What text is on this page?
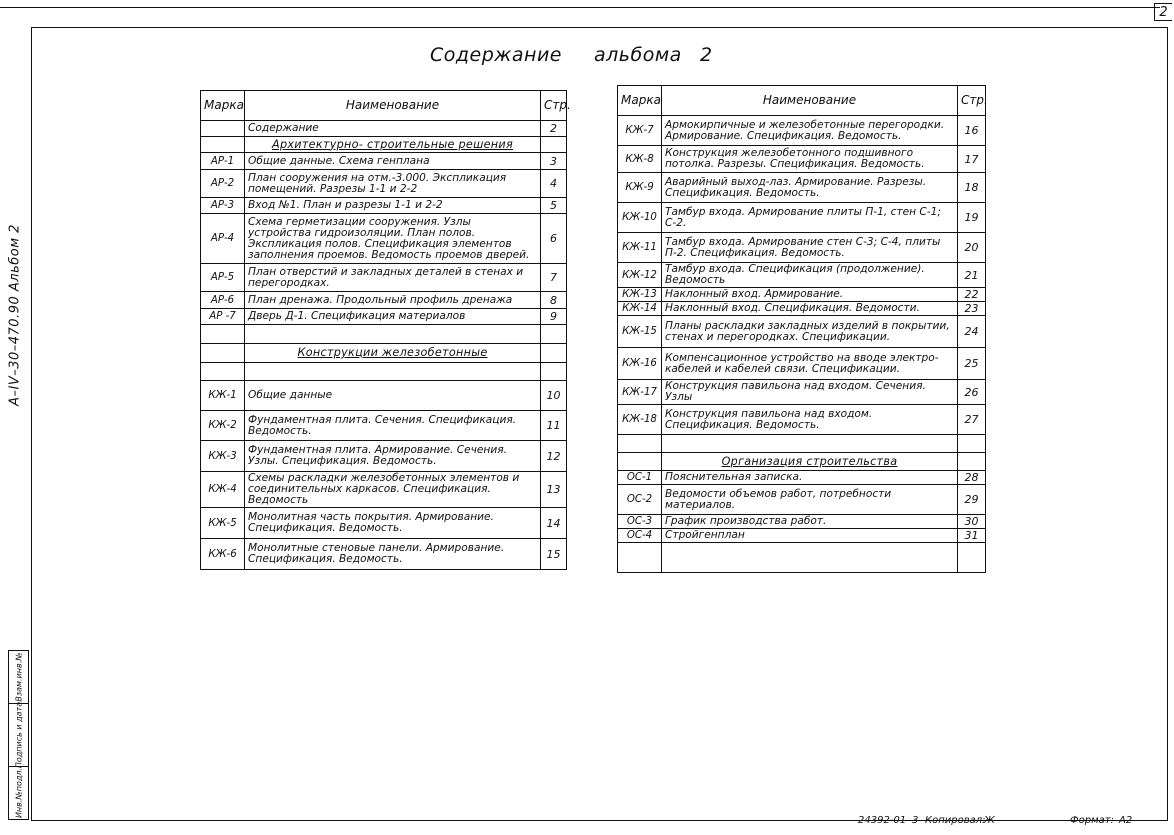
2
Содержание альбома 2
А–IV–30–470.90 Альбом 2
Взам.инв.№
Подпись и дата
Инв.№подл.
Марка	Наименование	Стр.
	Содержание	2
	Архитектурно- строительные решения	
АР-1	Общие данные. Схема генплана	3
АР-2	План сооружения на отм.-3.000. Экспликация помещений. Разрезы 1-1 и 2-2	4
АР-3	Вход №1. План и разрезы 1-1 и 2-2	5
АР-4	Схема герметизации сооружения. Узлы устройства гидроизоляции. План полов. Экспликация полов. Спецификация элементов заполнения проемов. Ведомость проемов дверей.	6
АР-5	План отверстий и закладных деталей в стенах и перегородках.	7
АР-6	План дренажа. Продольный профиль дренажа	8
АР -7	Дверь Д-1. Спецификация материалов	9

	Конструкции железобетонные	

КЖ-1	Общие данные	10
КЖ-2	Фундаментная плита. Сечения. Спецификация. Ведомость.	11
КЖ-3	Фундаментная плита. Армирование. Сечения. Узлы. Спецификация. Ведомость.	12
КЖ-4	Схемы раскладки железобетонных элементов и соединительных каркасов. Спецификация. Ведомость	13
КЖ-5	Монолитная часть покрытия. Армирование. Спецификация. Ведомость.	14
КЖ-6	Монолитные стеновые панели. Армирование. Спецификация. Ведомость.	15
Марка	Наименование	Стр.
КЖ-7	Армокирпичные и железобетонные перегородки. Армирование. Спецификация. Ведомость.	16
КЖ-8	Конструкция железобетонного подшивного потолка. Разрезы. Спецификация. Ведомость.	17
КЖ-9	Аварийный выход-лаз. Армирование. Разрезы. Спецификация. Ведомость.	18
КЖ-10	Тамбур входа. Армирование плиты П-1, стен С-1; С-2.	19
КЖ-11	Тамбур входа. Армирование стен С-3; С-4, плиты П-2. Спецификация. Ведомость.	20
КЖ-12	Тамбур входа. Спецификация (продолжение). Ведомость	21
КЖ-13	Наклонный вход. Армирование.	22
КЖ-14	Наклонный вход. Спецификация. Ведомости.	23
КЖ-15	Планы раскладки закладных изделий в покрытии, стенах и перегородках. Спецификации.	24
КЖ-16	Компенсационное устройство на вводе электро-кабелей и кабелей связи. Спецификации.	25
КЖ-17	Конструкция павильона над входом. Сечения. Узлы	26
КЖ-18	Конструкция павильона над входом. Спецификация. Ведомость.	27

	Организация строительства	
ОС-1	Пояснительная записка.	28
ОС-2	Ведомости объемов работ, потребности материалов.	29
ОС-3	График производства работ.	30
ОС-4	Стройгенплан	31

24392-01 3 Копировал:
Ж	Формат: А2
